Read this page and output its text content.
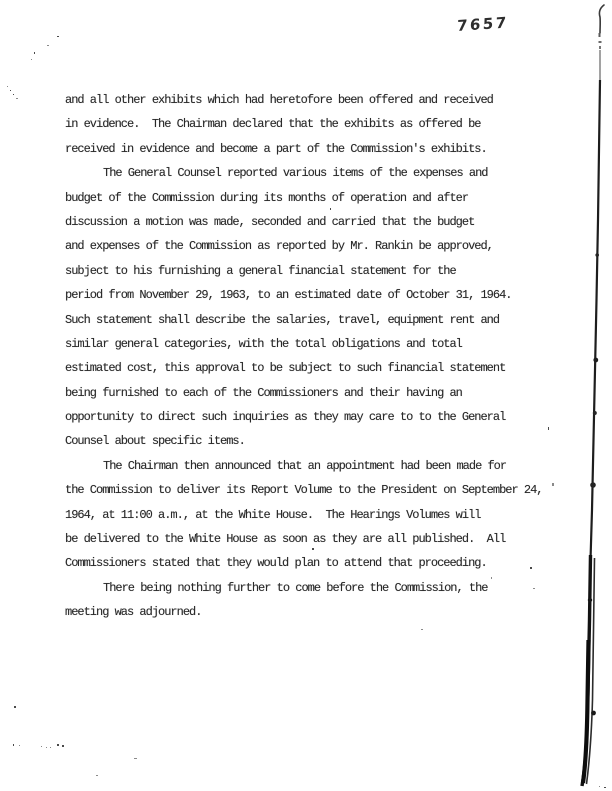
7657
and all other exhibits which had heretofore been offered and received
in evidence.  The Chairman declared that the exhibits as offered be
received in evidence and become a part of the Commission's exhibits.
The General Counsel reported various items of the expenses and
budget of the Commission during its months of operation and after
discussion a motion was made, seconded and carried that the budget
and expenses of the Commission as reported by Mr. Rankin be approved,
subject to his furnishing a general financial statement for the
period from November 29, 1963, to an estimated date of October 31, 1964.
Such statement shall describe the salaries, travel, equipment rent and
similar general categories, with the total obligations and total
estimated cost, this approval to be subject to such financial statement
being furnished to each of the Commissioners and their having an
opportunity to direct such inquiries as they may care to to the General
Counsel about specific items.
The Chairman then announced that an appointment had been made for
the Commission to deliver its Report Volume to the President on September 24,
1964, at 11:00 a.m., at the White House.  The Hearings Volumes will
be delivered to the White House as soon as they are all published.  All
Commissioners stated that they would plan to attend that proceeding.
There being nothing further to come before the Commission, the
meeting was adjourned.
